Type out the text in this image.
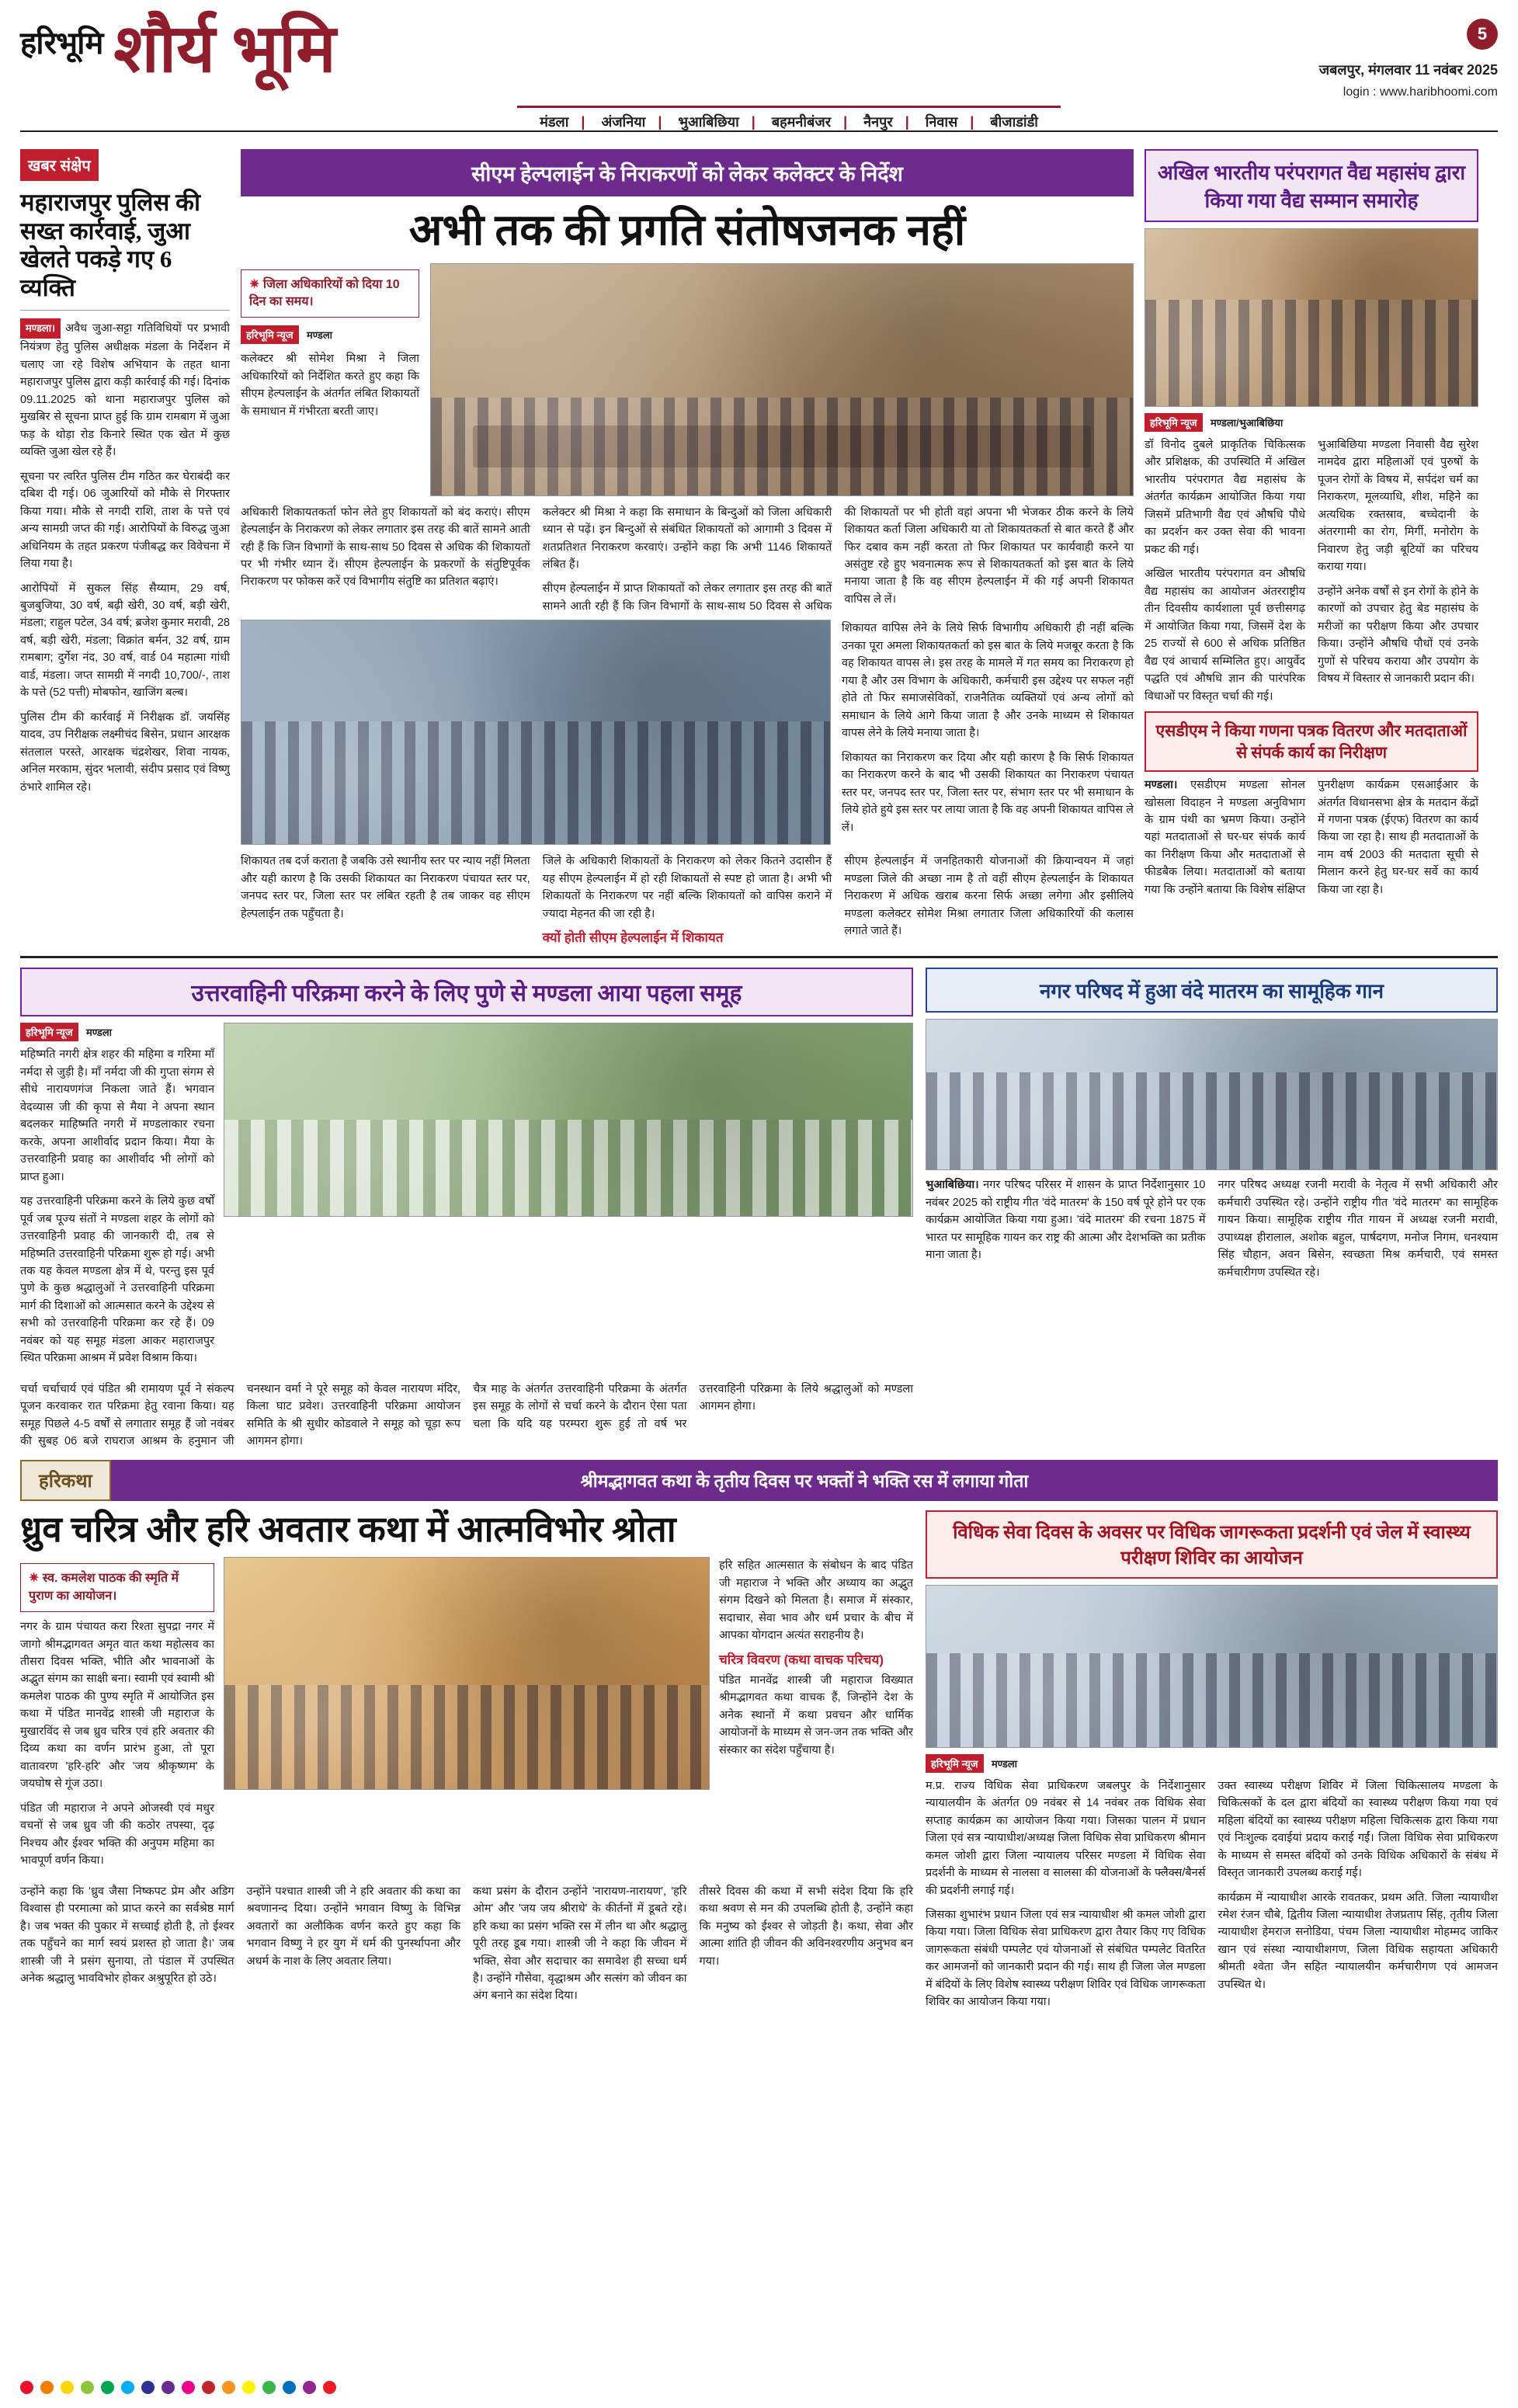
हरिभूमि शौर्य भूमि	जबलपुर, मंगलवार 11 नवंबर 2025
login : www.haribhoomi.com
5
मंडला | अंजनिया | भुआबिछिया | बहमनीबंजर | नैनपुर | निवास | बीजाडांडी
खबर संक्षेप
महाराजपुर पुलिस की सख्त कार्रवाई, जुआ खेलते पकड़े गए 6 व्यक्ति

मण्डला। अवैध जुआ-सट्टा गतिविधियों पर प्रभावी नियंत्रण हेतु पुलिस अधीक्षक मंडला के निर्देशन में चलाए जा रहे विशेष अभियान के तहत थाना महाराजपुर पुलिस द्वारा कड़ी कार्रवाई की गई। दिनांक 09.11.2025 को थाना महाराजपुर पुलिस को मुखबिर से सूचना प्राप्त हुई कि ग्राम रामबाग में जुआ फड़ के थोड़ा रोड किनारे स्थित एक खेत में कुछ व्यक्ति जुआ खेल रहे हैं।

सूचना पर त्वरित पुलिस टीम गठित कर घेराबंदी कर दबिश दी गई। 06 जुआरियों को मौके से गिरफ्तार किया गया। मौके से नगदी राशि, ताश के पत्ते एवं अन्य सामग्री जप्त की गई। आरोपियों के विरुद्ध जुआ अधिनियम के तहत प्रकरण पंजीबद्ध कर विवेचना में लिया गया है।

आरोपियों में सुकल सिंह सैय्याम, 29 वर्ष, बुजबुजिया, 30 वर्ष, बढ़ी खेरी, 30 वर्ष, बड़ी खेरी, मंडला; राहुल पटेल, 34 वर्ष; ब्रजेश कुमार मरावी, 28 वर्ष, बड़ी खेरी, मंडला; विक्रांत बर्मन, 32 वर्ष, ग्राम रामबाग; दुर्गेश नंद, 30 वर्ष, वार्ड 04 महात्मा गांधी वार्ड, मंडला। जप्त सामग्री में नगदी 10,700/-, ताश के पत्ते (52 पत्ती) मोबफोन, खाजिंग बल्ब।

पुलिस टीम की कार्रवाई में निरीक्षक डॉ. जयसिंह यादव, उप निरीक्षक लक्ष्मीचंद बिसेन, प्रधान आरक्षक संतलाल परस्ते, आरक्षक चंद्रशेखर, शिवा नायक, अनिल मरकाम, सुंदर भलावी, संदीप प्रसाद एवं विष्णु ठंभारे शामिल रहे।

सीएम हेल्पलाईन के निराकरणों को लेकर कलेक्टर के निर्देश
अभी तक की प्रगति संतोषजनक नहीं
✷ जिला अधिकारियों को दिया 10 दिन का समय।
हरिभूमि न्यूज मण्डला

कलेक्टर श्री सोमेश मिश्रा ने जिला अधिकारियों को निर्देशित करते हुए कहा कि सीएम हेल्पलाईन के अंतर्गत लंबित शिकायतों के समाधान में गंभीरता बरती जाए।

अधिकारी शिकायतकर्ता फोन लेते हुए शिकायतों को बंद कराएं। सीएम हेल्पलाईन के निराकरण को लेकर लगातार इस तरह की बातें सामने आती रही हैं कि जिन विभागों के साथ-साथ 50 दिवस से अधिक की शिकायतों पर भी गंभीर ध्यान दें। सीएम हेल्पलाईन के प्रकरणों के संतुष्टिपूर्वक निराकरण पर फोकस करें एवं विभागीय संतुष्टि का प्रतिशत बढ़ाएं।

कलेक्टर श्री मिश्रा ने कहा कि समाधान के बिन्दुओं को जिला अधिकारी ध्यान से पढ़ें। इन बिन्दुओं से संबंधित शिकायतों को आगामी 3 दिवस में शतप्रतिशत निराकरण करवाएं। उन्होंने कहा कि अभी 1146 शिकायतें लंबित हैं।

सीएम हेल्पलाईन में प्राप्त शिकायतों को लेकर लगातार इस तरह की बातें सामने आती रही हैं कि जिन विभागों के साथ-साथ 50 दिवस से अधिक की शिकायतों पर भी होती वहां अपना भी भेजकर ठीक करने के लिये शिकायत कर्ता जिला अधिकारी या तो शिकायतकर्ता से बात करते हैं और फिर दबाव कम नहीं करता तो फिर शिकायत पर कार्यवाही करने या असंतुष्ट रहे हुए भवनात्मक रूप से शिकायतकर्ता को इस बात के लिये मनाया जाता है कि वह सीएम हेल्पलाईन में की गई अपनी शिकायत वापिस ले लें।

शिकायत वापिस लेने के लिये सिर्फ विभागीय अधिकारी ही नहीं बल्कि उनका पूरा अमला शिकायतकर्ता को इस बात के लिये मजबूर करता है कि वह शिकायत वापस ले। इस तरह के मामले में गत समय का निराकरण हो गया है और उस विभाग के अधिकारी, कर्मचारी इस उद्देश्य पर सफल नहीं होते तो फिर समाजसेविकों, राजनैतिक व्यक्तियों एवं अन्य लोगों को समाधान के लिये आगे किया जाता है और उनके माध्यम से शिकायत वापस लेने के लिये मनाया जाता है।

शिकायत का निराकरण कर दिया और यही कारण है कि सिर्फ शिकायत का निराकरण करने के बाद भी उसकी शिकायत का निराकरण पंचायत स्तर पर, जनपद स्तर पर, जिला स्तर पर, संभाग स्तर पर भी समाधान के लिये होते हुये इस स्तर पर लाया जाता है कि वह अपनी शिकायत वापिस ले लें।

शिकायत तब दर्ज कराता है जबकि उसे स्थानीय स्तर पर न्याय नहीं मिलता और यही कारण है कि उसकी शिकायत का निराकरण पंचायत स्तर पर, जनपद स्तर पर, जिला स्तर पर लंबित रहती है तब जाकर वह सीएम हेल्पलाईन तक पहुँचता है।

जिले के अधिकारी शिकायतों के निराकरण को लेकर कितने उदासीन हैं यह सीएम हेल्पलाईन में हो रही शिकायतों से स्पष्ट हो जाता है। अभी भी शिकायतों के निराकरण पर नहीं बल्कि शिकायतों को वापिस कराने में ज्यादा मेहनत की जा रही है।

क्यों होती सीएम हेल्पलाईन में शिकायत

सीएम हेल्पलाईन में जनहितकारी योजनाओं की क्रियान्वयन में जहां मण्डला जिले की अच्छा नाम है तो वहीं सीएम हेल्पलाईन के शिकायत निराकरण में अधिक खराब करना सिर्फ अच्छा लगेगा और इसीलिये मण्डला कलेक्टर सोमेश मिश्रा लगातार जिला अधिकारियों की कलास लगाते जाते हैं।

अखिल भारतीय परंपरागत वैद्य महासंघ द्वारा किया गया वैद्य सम्मान समारोह
हरिभूमि न्यूज मण्डला/भुआबिछिया

डॉ विनोद दुबले प्राकृतिक चिकित्सक और प्रशिक्षक, की उपस्थिति में अखिल भारतीय परंपरागत वैद्य महासंघ के अंतर्गत कार्यक्रम आयोजित किया गया जिसमें प्रतिभागी वैद्य एवं औषधि पौधे का प्रदर्शन कर उक्त सेवा की भावना प्रकट की गई।

अखिल भारतीय परंपरागत वन औषधि वैद्य महासंघ का आयोजन अंतरराष्ट्रीय तीन दिवसीय कार्यशाला पूर्व छत्तीसगढ़ में आयोजित किया गया, जिसमें देश के 25 राज्यों से 600 से अधिक प्रतिष्ठित वैद्य एवं आचार्य सम्मिलित हुए। आयुर्वेद पद्धति एवं औषधि ज्ञान की पारंपरिक विधाओं पर विस्तृत चर्चा की गई।

भुआबिछिया मण्डला निवासी वैद्य सुरेश नामदेव द्वारा महिलाओं एवं पुरुषों के पूजन रोगों के विषय में, सर्पदंश चर्म का निराकरण, मूलव्याधि, शीश, महिने का अत्यधिक रक्तस्राव, बच्चेदानी के अंतरगामी का रोग, मिर्गी, मनोरोग के निवारण हेतु जड़ी बूटियों का परिचय कराया गया।

उन्होंने अनेक वर्षों से इन रोगों के होने के कारणों को उपचार हेतु बेड महासंघ के मरीजों का परीक्षण किया और उपचार किया। उन्होंने औषधि पौधों एवं उनके गुणों से परिचय कराया और उपयोग के विषय में विस्तार से जानकारी प्रदान की।

एसडीएम ने किया गणना पत्रक वितरण और मतदाताओं से संपर्क कार्य का निरीक्षण

मण्डला। एसडीएम मण्डला सोनल खोसला विदाहन ने मण्डला अनुविभाग के ग्राम पंथी का भ्रमण किया। उन्होंने यहां मतदाताओं से घर-घर संपर्क कार्य का निरीक्षण किया और मतदाताओं से फीडबैक लिया। मतदाताओं को बताया गया कि उन्होंने बताया कि विशेष संक्षिप्त पुनरीक्षण कार्यक्रम एसआईआर के अंतर्गत विधानसभा क्षेत्र के मतदान केंद्रों में गणना पत्रक (ईएफ) वितरण का कार्य किया जा रहा है। साथ ही मतदाताओं के नाम वर्ष 2003 की मतदाता सूची से मिलान करने हेतु घर-घर सर्वे का कार्य किया जा रहा है।

उत्तरवाहिनी परिक्रमा करने के लिए पुणे से मण्डला आया पहला समूह
हरिभूमि न्यूज मण्डला

महिष्मति नगरी क्षेत्र शहर की महिमा व गरिमा माँ नर्मदा से जुड़ी है। माँ नर्मदा जी की गुप्ता संगम से सीधे नारायणगंज निकला जाते हैं। भगवान वेदव्यास जी की कृपा से मैया ने अपना स्थान बदलकर माहिष्मति नगरी में मण्डलाकार रचना करके, अपना आशीर्वाद प्रदान किया। मैया के उत्तरवाहिनी प्रवाह का आशीर्वाद भी लोगों को प्राप्त हुआ।

यह उत्तरवाहिनी परिक्रमा करने के लिये कुछ वर्षों पूर्व जब पूज्य संतों ने मण्डला शहर के लोगों को उत्तरवाहिनी प्रवाह की जानकारी दी, तब से महिष्मति उत्तरवाहिनी परिक्रमा शुरू हो गई। अभी तक यह केवल मण्डला क्षेत्र में थे, परन्तु इस पूर्व पुणे के कुछ श्रद्धालुओं ने उत्तरवाहिनी परिक्रमा मार्ग की दिशाओं को आत्मसात करने के उद्देश्य से सभी को उत्तरवाहिनी परिक्रमा कर रहे हैं। 09 नवंबर को यह समूह मंडला आकर महाराजपुर स्थित परिक्रमा आश्रम में प्रवेश विश्राम किया।

चर्चा चर्चाचार्य एवं पंडित श्री रामायण पूर्व ने संकल्प पूजन करवाकर रात परिक्रमा हेतु रवाना किया। यह समूह पिछले 4-5 वर्षों से लगातार समूह हैं जो नवंबर की सुबह 06 बजे राघराज आश्रम के हनुमान जी चनस्थान वर्मा ने पूरे समूह को केवल नारायण मंदिर, किला घाट प्रवेश। उत्तरवाहिनी परिक्रमा आयोजन समिति के श्री सुधीर कोडवाले ने समूह को चूड़ा रूप आगमन होगा।

चैत्र माह के अंतर्गत उत्तरवाहिनी परिक्रमा के अंतर्गत इस समूह के लोगों से चर्चा करने के दौरान ऐसा पता चला कि यदि यह परम्परा शुरू हुई तो वर्ष भर उत्तरवाहिनी परिक्रमा के लिये श्रद्धालुओं को मण्डला आगमन होगा।

नगर परिषद में हुआ वंदे मातरम का सामूहिक गान

भुआबिछिया। नगर परिषद परिसर में शासन के प्राप्त निर्देशानुसार 10 नवंबर 2025 को राष्ट्रीय गीत 'वंदे मातरम' के 150 वर्ष पूरे होने पर एक कार्यक्रम आयोजित किया गया हुआ। 'वंदे मातरम' की रचना 1875 में भारत पर सामूहिक गायन कर राष्ट्र की आत्मा और देशभक्ति का प्रतीक माना जाता है।

नगर परिषद अध्यक्ष रजनी मरावी के नेतृत्व में सभी अधिकारी और कर्मचारी उपस्थित रहे। उन्होंने राष्ट्रीय गीत 'वंदे मातरम' का सामूहिक गायन किया। सामूहिक राष्ट्रीय गीत गायन में अध्यक्ष रजनी मरावी, उपाध्यक्ष हीरालाल, अशोक बहुल, पार्षदगण, मनोज निगम, धनश्याम सिंह चौहान, अवन बिसेन, स्वच्छता मिश्र कर्मचारी, एवं समस्त कर्मचारीगण उपस्थित रहे।

हरिकथा	श्रीमद्भागवत कथा के तृतीय दिवस पर भक्तों ने भक्ति रस में लगाया गोता
ध्रुव चरित्र और हरि अवतार कथा में आत्मविभोर श्रोता
✷ स्व. कमलेश पाठक की स्मृति में पुराण का आयोजन।

नगर के ग्राम पंचायत करा रिश्ता सुपद्रा नगर में जागो श्रीमद्भागवत अमृत वात कथा महोत्सव का तीसरा दिवस भक्ति, भीति और भावनाओं के अद्भुत संगम का साक्षी बना। स्वामी एवं स्वामी श्री कमलेश पाठक की पुण्य स्मृति में आयोजित इस कथा में पंडित मानवेंद्र शास्त्री जी महाराज के मुखारविंद से जब ध्रुव चरित्र एवं हरि अवतार की दिव्य कथा का वर्णन प्रारंभ हुआ, तो पूरा वातावरण 'हरि-हरि' और 'जय श्रीकृष्णम' के जयघोष से गूंज उठा।

पंडित जी महाराज ने अपने ओजस्वी एवं मधुर वचनों से जब ध्रुव जी की कठोर तपस्या, दृढ़ निश्चय और ईश्वर भक्ति की अनुपम महिमा का भावपूर्ण वर्णन किया।

हरि सहित आत्मसात के संबोधन के बाद पंडित जी महाराज ने भक्ति और अध्याय का अद्भुत संगम दिखने को मिलता है। समाज में संस्कार, सदाचार, सेवा भाव और धर्म प्रचार के बीच में आपका योगदान अत्यंत सराहनीय है।

चरित्र विवरण (कथा वाचक परिचय)

पंडित मानवेंद्र शास्त्री जी महाराज विख्यात श्रीमद्भागवत कथा वाचक हैं, जिन्होंने देश के अनेक स्थानों में कथा प्रवचन और धार्मिक आयोजनों के माध्यम से जन-जन तक भक्ति और संस्कार का संदेश पहुँचाया है।

उन्होंने कहा कि 'ध्रुव जैसा निष्कपट प्रेम और अडिग विश्वास ही परमात्मा को प्राप्त करने का सर्वश्रेष्ठ मार्ग है। जब भक्त की पुकार में सच्चाई होती है, तो ईश्वर तक पहुँचने का मार्ग स्वयं प्रशस्त हो जाता है।' जब शास्त्री जी ने प्रसंग सुनाया, तो पंडाल में उपस्थित अनेक श्रद्धालु भावविभोर होकर अश्रुपूरित हो उठे।

उन्होंने पश्चात शास्त्री जी ने हरि अवतार की कथा का श्रवणानन्द दिया। उन्होंने भगवान विष्णु के विभिन्न अवतारों का अलौकिक वर्णन करते हुए कहा कि भगवान विष्णु ने हर युग में धर्म की पुनर्स्थापना और अधर्म के नाश के लिए अवतार लिया।

कथा प्रसंग के दौरान उन्होंने 'नारायण-नारायण', 'हरि ओम' और 'जय जय श्रीराधे' के कीर्तनों में डूबते रहे। हरि कथा का प्रसंग भक्ति रस में लीन था और श्रद्धालु पूरी तरह डूब गया। शास्त्री जी ने कहा कि जीवन में भक्ति, सेवा और सदाचार का समावेश ही सच्चा धर्म है। उन्होंने गौसेवा, वृद्धाश्रम और सत्संग को जीवन का अंग बनाने का संदेश दिया।

तीसरे दिवस की कथा में सभी संदेश दिया कि हरि कथा श्रवण से मन की उपलब्धि होती है, उन्होंने कहा कि मनुष्य को ईश्वर से जोड़ती है। कथा, सेवा और आत्मा शांति ही जीवन की अविनश्वरणीय अनुभव बन गया।

विधिक सेवा दिवस के अवसर पर विधिक जागरूकता प्रदर्शनी एवं जेल में स्वास्थ्य परीक्षण शिविर का आयोजन
हरिभूमि न्यूज मण्डला

म.प्र. राज्य विधिक सेवा प्राधिकरण जबलपुर के निर्देशानुसार न्यायालयीन के अंतर्गत 09 नवंबर से 14 नवंबर तक विधिक सेवा सप्ताह कार्यक्रम का आयोजन किया गया। जिसका पालन में प्रधान जिला एवं सत्र न्यायाधीश/अध्यक्ष जिला विधिक सेवा प्राधिकरण श्रीमान कमल जोशी द्वारा जिला न्यायालय परिसर मण्डला में विधिक सेवा प्रदर्शनी के माध्यम से नालसा व सालसा की योजनाओं के फ्लैक्स/बैनर्स की प्रदर्शनी लगाई गई।

जिसका शुभारंभ प्रधान जिला एवं सत्र न्यायाधीश श्री कमल जोशी द्वारा किया गया। जिला विधिक सेवा प्राधिकरण द्वारा तैयार किए गए विधिक जागरूकता संबंधी पम्पलेट एवं योजनाओं से संबंधित पम्पलेट वितरित कर आमजनों को जानकारी प्रदान की गई। साथ ही जिला जेल मण्डला में बंदियों के लिए विशेष स्वास्थ्य परीक्षण शिविर एवं विधिक जागरूकता शिविर का आयोजन किया गया।

उक्त स्वास्थ्य परीक्षण शिविर में जिला चिकित्सालय मण्डला के चिकित्सकों के दल द्वारा बंदियों का स्वास्थ्य परीक्षण किया गया एवं महिला बंदियों का स्वास्थ्य परीक्षण महिला चिकित्सक द्वारा किया गया एवं निःशुल्क दवाईयां प्रदाय कराई गईं। जिला विधिक सेवा प्राधिकरण के माध्यम से समस्त बंदियों को उनके विधिक अधिकारों के संबंध में विस्तृत जानकारी उपलब्ध कराई गई।

कार्यक्रम में न्यायाधीश आरके रावतकर, प्रथम अति. जिला न्यायाधीश रमेश रंजन चौबे, द्वितीय जिला न्यायाधीश तेजप्रताप सिंह, तृतीय जिला न्यायाधीश हेमराज सनोडिया, पंचम जिला न्यायाधीश मोहम्मद जाकिर खान एवं संस्था न्यायाधीशगण, जिला विधिक सहायता अधिकारी श्रीमती श्वेता जैन सहित न्यायालयीन कर्मचारीगण एवं आमजन उपस्थित थे।
